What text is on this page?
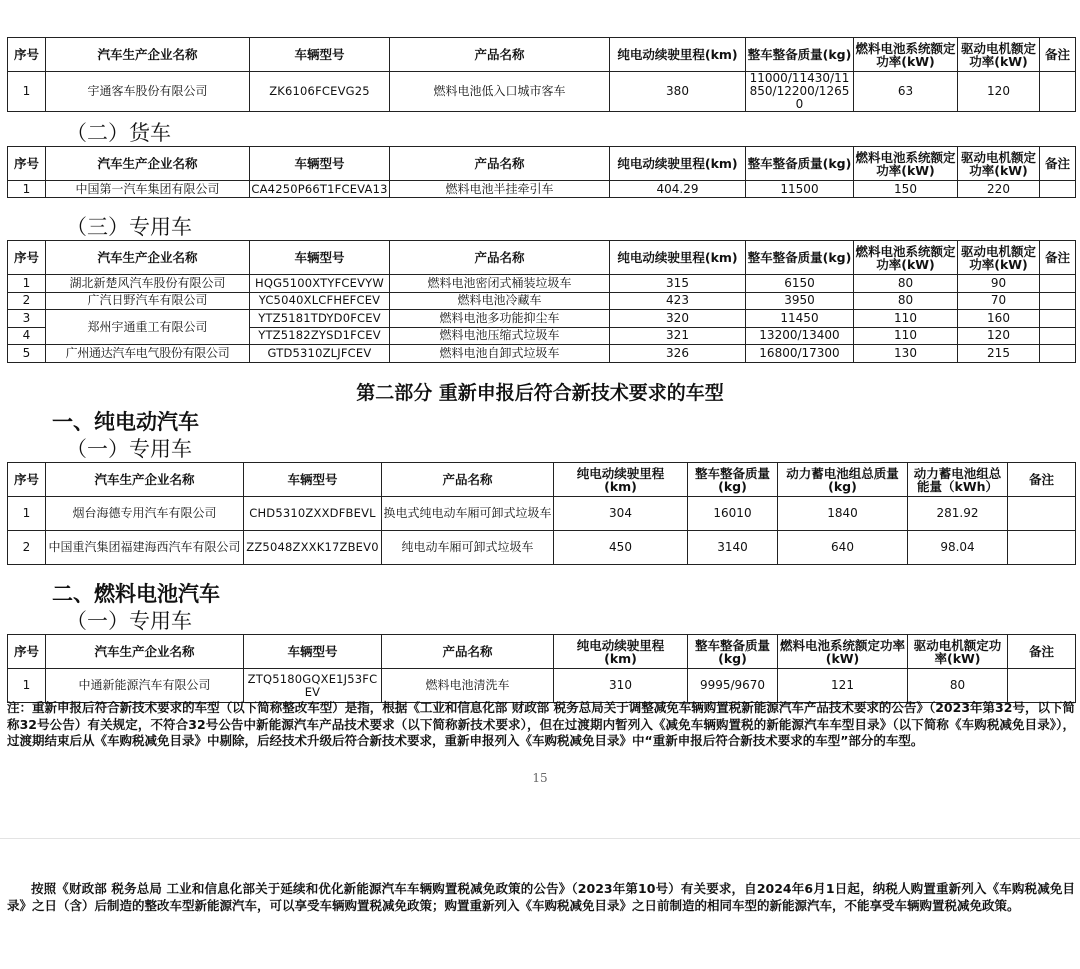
序号	汽车生产企业名称	车辆型号	产品名称	纯电动续驶里程(km)	整车整备质量(kg)	燃料电池系统额定功率(kW)	驱动电机额定功率(kW)	备注
1	宇通客车股份有限公司	ZK6106FCEVG25	燃料电池低入口城市客车	380	11000/11430/11850/12200/12650	63	120	
（二）货车
序号	汽车生产企业名称	车辆型号	产品名称	纯电动续驶里程(km)	整车整备质量(kg)	燃料电池系统额定功率(kW)	驱动电机额定功率(kW)	备注
1	中国第一汽车集团有限公司	CA4250P66T1FCEVA13	燃料电池半挂牵引车	404.29	11500	150	220	
（三）专用车
序号	汽车生产企业名称	车辆型号	产品名称	纯电动续驶里程(km)	整车整备质量(kg)	燃料电池系统额定功率(kW)	驱动电机额定功率(kW)	备注
1	湖北新楚风汽车股份有限公司	HQG5100XTYFCEVYW	燃料电池密闭式桶装垃圾车	315	6150	80	90	
2	广汽日野汽车有限公司	YC5040XLCFHEFCEV	燃料电池冷藏车	423	3950	80	70	
3	郑州宇通重工有限公司	YTZ5181TDYD0FCEV	燃料电池多功能抑尘车	320	11450	110	160	
4		YTZ5182ZYSD1FCEV	燃料电池压缩式垃圾车	321	13200/13400	110	120	
5	广州通达汽车电气股份有限公司	GTD5310ZLJFCEV	燃料电池自卸式垃圾车	326	16800/17300	130	215	
第二部分 重新申报后符合新技术要求的车型
一、纯电动汽车
（一）专用车
序号	汽车生产企业名称	车辆型号	产品名称	纯电动续驶里程(km)	整车整备质量(kg)	动力蓄电池组总质量(kg)	动力蓄电池组总能量（kWh）	备注
1	烟台海德专用汽车有限公司	CHD5310ZXXDFBEVL	换电式纯电动车厢可卸式垃圾车	304	16010	1840	281.92	
2	中国重汽集团福建海西汽车有限公司	ZZ5048ZXXK17ZBEV0	纯电动车厢可卸式垃圾车	450	3140	640	98.04	
二、燃料电池汽车
（一）专用车
序号	汽车生产企业名称	车辆型号	产品名称	纯电动续驶里程(km)	整车整备质量(kg)	燃料电池系统额定功率(kW)	驱动电机额定功率(kW)	备注
1	中通新能源汽车有限公司	ZTQ5180GQXE1J53FCEV	燃料电池清洗车	310	9995/9670	121	80	

注：重新申报后符合新技术要求的车型（以下简称整改车型）是指，根据《工业和信息化部 财政部 税务总局关于调整减免车辆购置税新能源汽车产品技术要求的公告》（2023年第32号，以下简称32号公告）有关规定，不符合32号公告中新能源汽车产品技术要求（以下简称新技术要求），但在过渡期内暂列入《减免车辆购置税的新能源汽车车型目录》（以下简称《车购税减免目录》），过渡期结束后从《车购税减免目录》中剔除，后经技术升级后符合新技术要求，重新申报列入《车购税减免目录》中“重新申报后符合新技术要求的车型”部分的车型。

15

按照《财政部 税务总局 工业和信息化部关于延续和优化新能源汽车车辆购置税减免政策的公告》（2023年第10号）有关要求，自2024年6月1日起，纳税人购置重新列入《车购税减免目录》之日（含）后制造的整改车型新能源汽车，可以享受车辆购置税减免政策；购置重新列入《车购税减免目录》之日前制造的相同车型的新能源汽车，不能享受车辆购置税减免政策。
